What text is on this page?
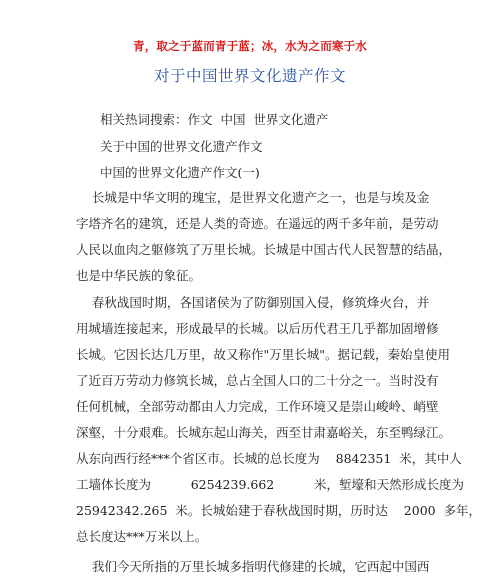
青，取之于蓝而青于蓝；冰，水为之而寒于水
对于中国世界文化遗产作文
相关热词搜索：作文  中国  世界文化遗产
关于中国的世界文化遗产作文
中国的世界文化遗产作文(一)
长城是中华文明的瑰宝，是世界文化遗产之一，也是与埃及金
字塔齐名的建筑，还是人类的奇迹。在遥远的两千多年前，是劳动
人民以血肉之躯修筑了万里长城。长城是中国古代人民智慧的结晶，
也是中华民族的象征。
春秋战国时期，各国诸侯为了防御别国入侵，修筑烽火台，并
用城墙连接起来，形成最早的长城。以后历代君王几乎都加固增修
长城。它因长达几万里，故又称作"万里长城"。据记载，秦始皇使用
了近百万劳动力修筑长城，总占全国人口的二十分之一。当时没有
任何机械，全部劳动都由人力完成，工作环境又是崇山峻岭、峭壁
深壑，十分艰难。长城东起山海关，西至甘肃嘉峪关，东至鸭绿江。
从东向西行经***个省区市。长城的总长度为    8842351  米，其中人
工墙体长度为          6254239.662          米，堑壕和天然形成长度为
25942342.265  米。长城始建于春秋战国时期，历时达    2000  多年，
总长度达***万米以上。
我们今天所指的万里长城多指明代修建的长城，它西起中国西
